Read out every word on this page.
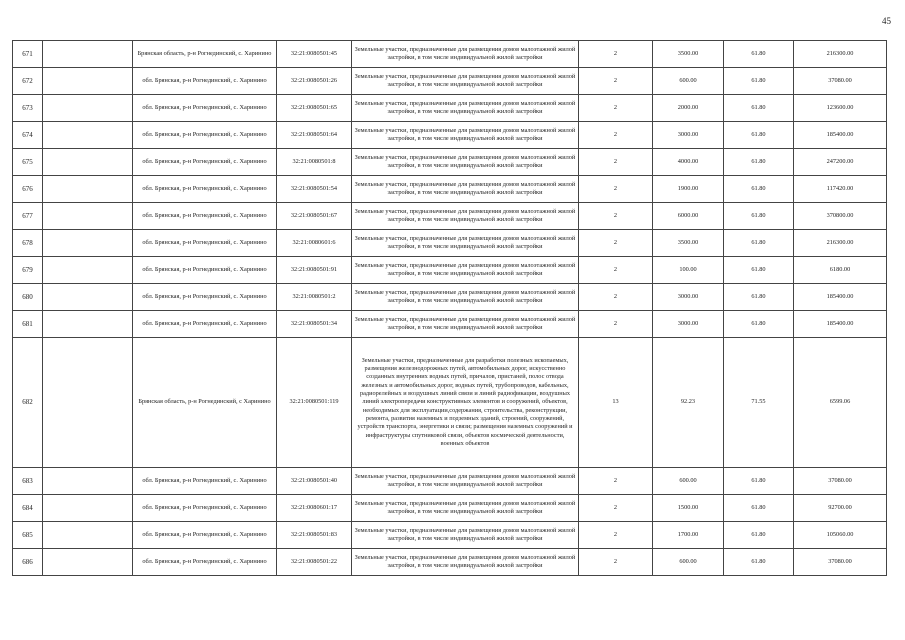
45
671		Брянская область, р-н Рогнединский, с. Харинино	32:21:0080501:45	Земельные участки, предназначенные для размещения домов малоэтажной жилой застройки, в том числе индивидуальной жилой застройки	2	3500.00	61.80	216300.00
672		обл. Брянская, р-н Рогнединский, с. Харинино	32:21:0080501:26	Земельные участки, предназначенные для размещения домов малоэтажной жилой застройки, в том числе индивидуальной жилой застройки	2	600.00	61.80	37080.00
673		обл. Брянская, р-н Рогнединский, с. Харинино	32:21:0080501:65	Земельные участки, предназначенные для размещения домов малоэтажной жилой застройки, в том числе индивидуальной жилой застройки	2	2000.00	61.80	123600.00
674		обл. Брянская, р-н Рогнединский, с. Харинино	32:21:0080501:64	Земельные участки, предназначенные для размещения домов малоэтажной жилой застройки, в том числе индивидуальной жилой застройки	2	3000.00	61.80	185400.00
675		обл. Брянская, р-н Рогнединский, с. Харинино	32:21:0080501:8	Земельные участки, предназначенные для размещения домов малоэтажной жилой застройки, в том числе индивидуальной жилой застройки	2	4000.00	61.80	247200.00
676		обл. Брянская, р-н Рогнединский, с. Харинино	32:21:0080501:54	Земельные участки, предназначенные для размещения домов малоэтажной жилой застройки, в том числе индивидуальной жилой застройки	2	1900.00	61.80	117420.00
677		обл. Брянская, р-н Рогнединский, с. Харинино	32:21:0080501:67	Земельные участки, предназначенные для размещения домов малоэтажной жилой застройки, в том числе индивидуальной жилой застройки	2	6000.00	61.80	370800.00
678		обл. Брянская, р-н Рогнединский, с. Харинино	32:21:0080601:6	Земельные участки, предназначенные для размещения домов малоэтажной жилой застройки, в том числе индивидуальной жилой застройки	2	3500.00	61.80	216300.00
679		обл. Брянская, р-н Рогнединский, с. Харинино	32:21:0080501:91	Земельные участки, предназначенные для размещения домов малоэтажной жилой застройки, в том числе индивидуальной жилой застройки	2	100.00	61.80	6180.00
680		обл. Брянская, р-н Рогнединский, с. Харинино	32:21:0080501:2	Земельные участки, предназначенные для размещения домов малоэтажной жилой застройки, в том числе индивидуальной жилой застройки	2	3000.00	61.80	185400.00
681		обл. Брянская, р-н Рогнединский, с. Харинино	32:21:0080501:34	Земельные участки, предназначенные для размещения домов малоэтажной жилой застройки, в том числе индивидуальной жилой застройки	2	3000.00	61.80	185400.00
682		Брянская область, р-н Рогнединский, с Харинино	32:21:0080501:119	Земельные участки, предназначенные для разработки полезных ископаемых, размещения железнодорожных путей, автомобильных дорог, искусственно созданных внутренних водных путей, причалов, пристаней, полос отвода железных и автомобильных дорог, водных путей, трубопроводов, кабельных, радиорелейных и воздушных линий связи и линий радиофикации, воздушных линий электропередачи конструктивных элементов и сооружений, объектов, необходимых для эксплуатации,содержания, строительства, реконструкции, ремонта, развития наземных и подземных зданий, строений, сооружений, устройств транспорта, энергетики и связи; размещения наземных сооружений и инфраструктуры спутниковой связи, объектов космической деятельности, военных объектов	13	92.23	71.55	6599.06
683		обл. Брянская, р-н Рогнединский, с. Харинино	32:21:0080501:40	Земельные участки, предназначенные для размещения домов малоэтажной жилой застройки, в том числе индивидуальной жилой застройки	2	600.00	61.80	37080.00
684		обл. Брянская, р-н Рогнединский, с. Харинино	32:21:0080601:17	Земельные участки, предназначенные для размещения домов малоэтажной жилой застройки, в том числе индивидуальной жилой застройки	2	1500.00	61.80	92700.00
685		обл. Брянская, р-н Рогнединский, с. Харинино	32:21:0080501:83	Земельные участки, предназначенные для размещения домов малоэтажной жилой застройки, в том числе индивидуальной жилой застройки	2	1700.00	61.80	105060.00
686		обл. Брянская, р-н Рогнединский, с. Харинино	32:21:0080501:22	Земельные участки, предназначенные для размещения домов малоэтажной жилой застройки, в том числе индивидуальной жилой застройки	2	600.00	61.80	37080.00
